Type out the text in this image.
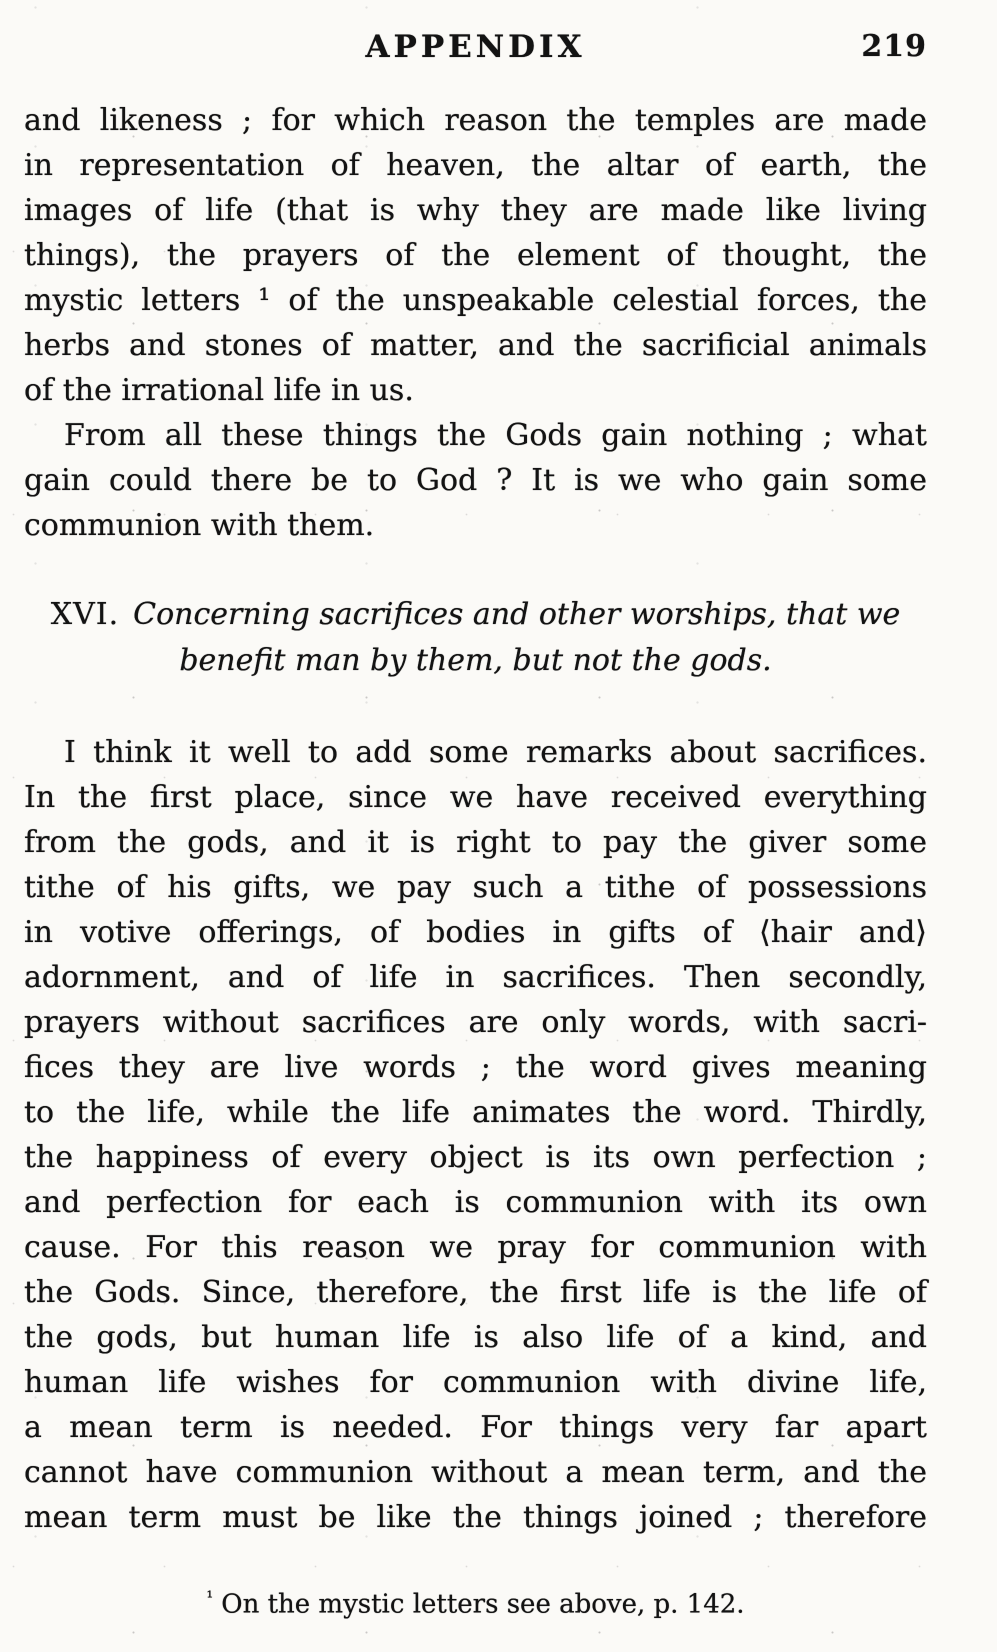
APPENDIX	219
and likeness ; for which reason the temples are made
in representation of heaven, the altar of earth, the
images of life (that is why they are made like living
things), the prayers of the element of thought, the
mystic letters ¹ of the unspeakable celestial forces, the
herbs and stones of matter, and the sacrificial animals
of the irrational life in us.
From all these things the Gods gain nothing ; what
gain could there be to God ? It is we who gain some
communion with them.
XVI. Concerning sacrifices and other worships, that we
benefit man by them, but not the gods.
I think it well to add some remarks about sacrifices.
In the first place, since we have received everything
from the gods, and it is right to pay the giver some
tithe of his gifts, we pay such a tithe of possessions
in votive offerings, of bodies in gifts of ⟨hair and⟩
adornment, and of life in sacrifices. Then secondly,
prayers without sacrifices are only words, with sacri-
fices they are live words ; the word gives meaning
to the life, while the life animates the word. Thirdly,
the happiness of every object is its own perfection ;
and perfection for each is communion with its own
cause. For this reason we pray for communion with
the Gods. Since, therefore, the first life is the life of
the gods, but human life is also life of a kind, and
human life wishes for communion with divine life,
a mean term is needed. For things very far apart
cannot have communion without a mean term, and the
mean term must be like the things joined ; therefore
$^{^1}$ On the mystic letters see above, p. 142.
